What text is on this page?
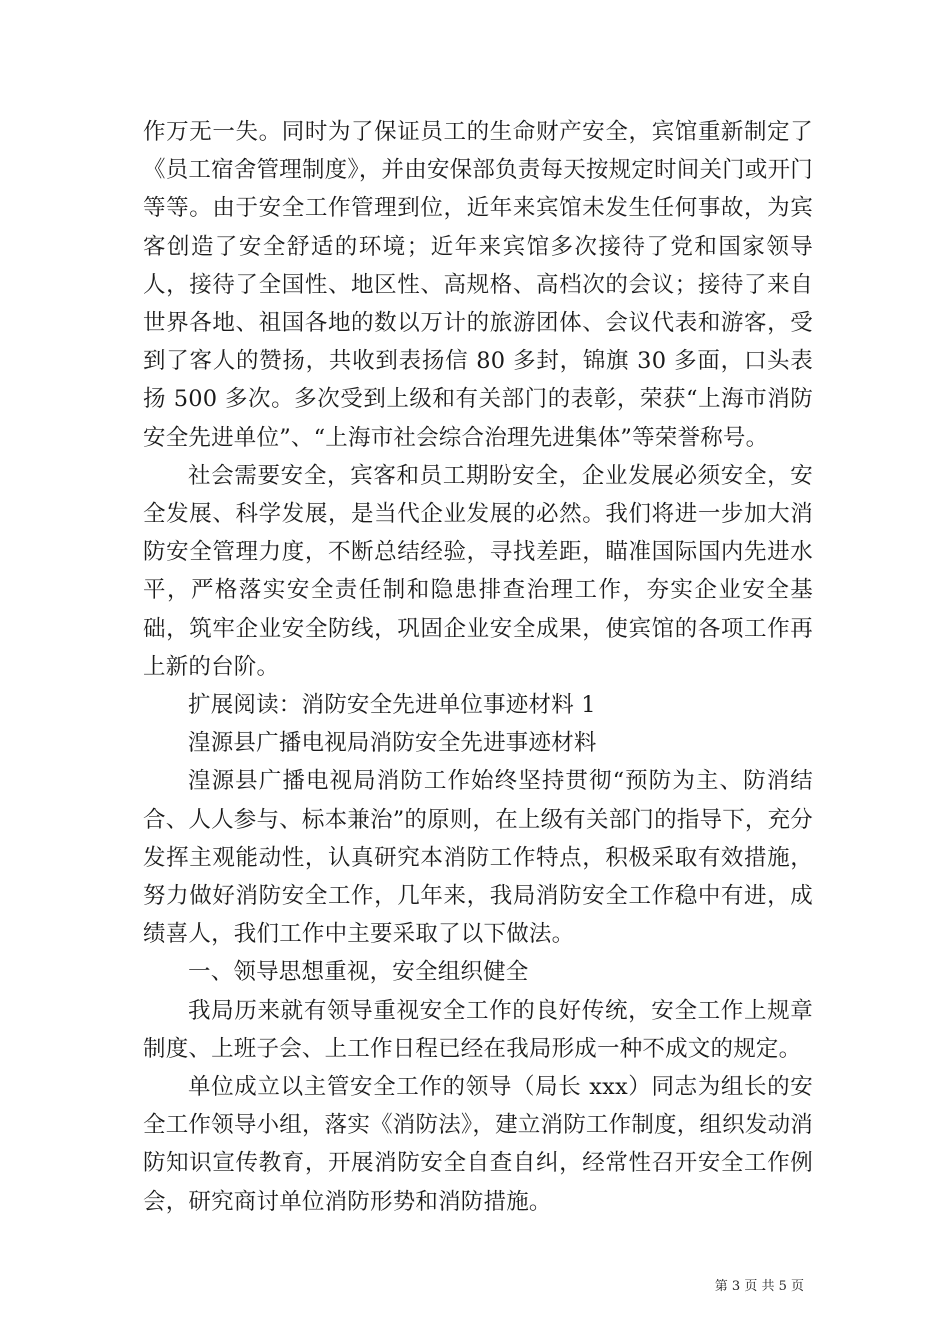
作万无一失。同时为了保证员工的生命财产安全，宾馆重新制定了《员工宿舍管理制度》，并由安保部负责每天按规定时间关门或开门等等。由于安全工作管理到位，近年来宾馆未发生任何事故，为宾客创造了安全舒适的环境；近年来宾馆多次接待了党和国家领导人，接待了全国性、地区性、高规格、高档次的会议；接待了来自世界各地、祖国各地的数以万计的旅游团体、会议代表和游客，受到了客人的赞扬，共收到表扬信 80 多封，锦旗 30 多面，口头表扬 500 多次。多次受到上级和有关部门的表彰，荣获“上海市消防安全先进单位”、“上海市社会综合治理先进集体”等荣誉称号。

社会需要安全，宾客和员工期盼安全，企业发展必须安全，安全发展、科学发展，是当代企业发展的必然。我们将进一步加大消防安全管理力度，不断总结经验，寻找差距，瞄准国际国内先进水平，严格落实安全责任制和隐患排查治理工作，夯实企业安全基础，筑牢企业安全防线，巩固企业安全成果，使宾馆的各项工作再上新的台阶。

扩展阅读：消防安全先进单位事迹材料 1

湟源县广播电视局消防安全先进事迹材料

湟源县广播电视局消防工作始终坚持贯彻“预防为主、防消结合、人人参与、标本兼治”的原则，在上级有关部门的指导下，充分发挥主观能动性，认真研究本消防工作特点，积极采取有效措施，努力做好消防安全工作，几年来，我局消防安全工作稳中有进，成绩喜人，我们工作中主要采取了以下做法。

一、领导思想重视，安全组织健全

我局历来就有领导重视安全工作的良好传统，安全工作上规章制度、上班子会、上工作日程已经在我局形成一种不成文的规定。

单位成立以主管安全工作的领导（局长 xxx）同志为组长的安全工作领导小组，落实《消防法》，建立消防工作制度，组织发动消防知识宣传教育，开展消防安全自查自纠，经常性召开安全工作例会，研究商讨单位消防形势和消防措施。

第 3 页 共 5 页
